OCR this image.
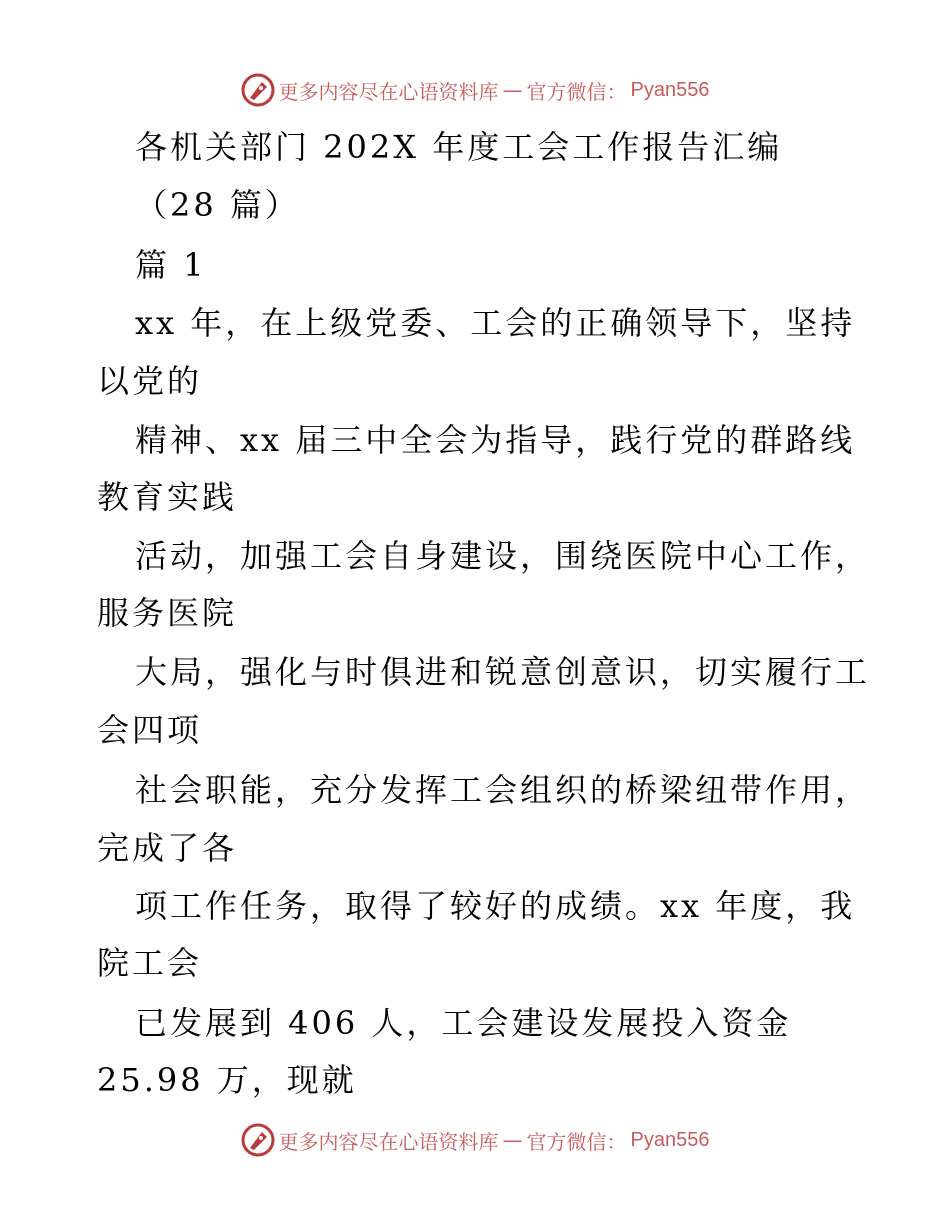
更多内容尽在心语资料库 — 官方微信： Pyan556
各机关部门 202X 年度工会工作报告汇编
（28 篇）
篇 1
xx 年，在上级党委、工会的正确领导下，坚持
以党的
精神、xx 届三中全会为指导，践行党的群路线
教育实践
活动，加强工会自身建设，围绕医院中心工作，
服务医院
大局，强化与时俱进和锐意创意识，切实履行工
会四项
社会职能，充分发挥工会组织的桥梁纽带作用，
完成了各
项工作任务，取得了较好的成绩。xx 年度，我
院工会
已发展到 406 人，工会建设发展投入资金
25.98 万，现就
更多内容尽在心语资料库 — 官方微信： Pyan556
